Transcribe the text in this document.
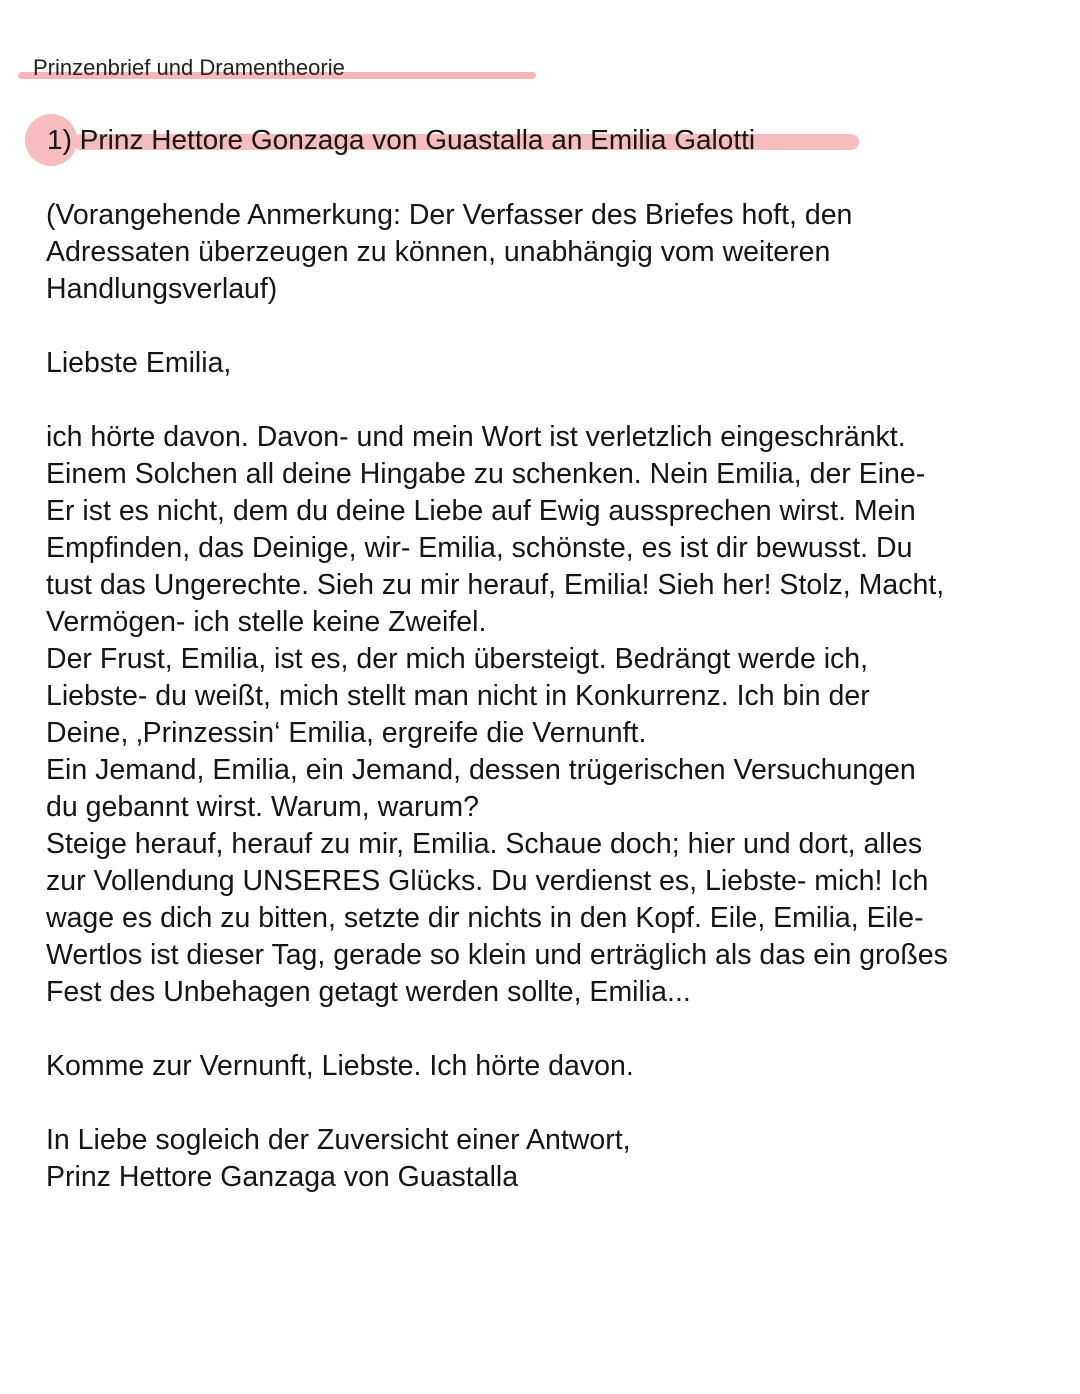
Prinzenbrief und Dramentheorie
1) Prinz Hettore Gonzaga von Guastalla an Emilia Galotti
(Vorangehende Anmerkung: Der Verfasser des Briefes hoft, den
Adressaten überzeugen zu können, unabhängig vom weiteren
Handlungsverlauf)
Liebste Emilia,
ich hörte davon. Davon- und mein Wort ist verletzlich eingeschränkt.
Einem Solchen all deine Hingabe zu schenken. Nein Emilia, der Eine-
Er ist es nicht, dem du deine Liebe auf Ewig aussprechen wirst. Mein
Empfinden, das Deinige, wir- Emilia, schönste, es ist dir bewusst. Du
tust das Ungerechte. Sieh zu mir herauf, Emilia! Sieh her! Stolz, Macht,
Vermögen- ich stelle keine Zweifel.
Der Frust, Emilia, ist es, der mich übersteigt. Bedrängt werde ich,
Liebste- du weißt, mich stellt man nicht in Konkurrenz. Ich bin der
Deine, ‚Prinzessin‘ Emilia, ergreife die Vernunft.
Ein Jemand, Emilia, ein Jemand, dessen trügerischen Versuchungen
du gebannt wirst. Warum, warum?
Steige herauf, herauf zu mir, Emilia. Schaue doch; hier und dort, alles
zur Vollendung UNSERES Glücks. Du verdienst es, Liebste- mich! Ich
wage es dich zu bitten, setzte dir nichts in den Kopf. Eile, Emilia, Eile-
Wertlos ist dieser Tag, gerade so klein und erträglich als das ein großes
Fest des Unbehagen getagt werden sollte, Emilia...
Komme zur Vernunft, Liebste. Ich hörte davon.
In Liebe sogleich der Zuversicht einer Antwort,
Prinz Hettore Ganzaga von Guastalla
